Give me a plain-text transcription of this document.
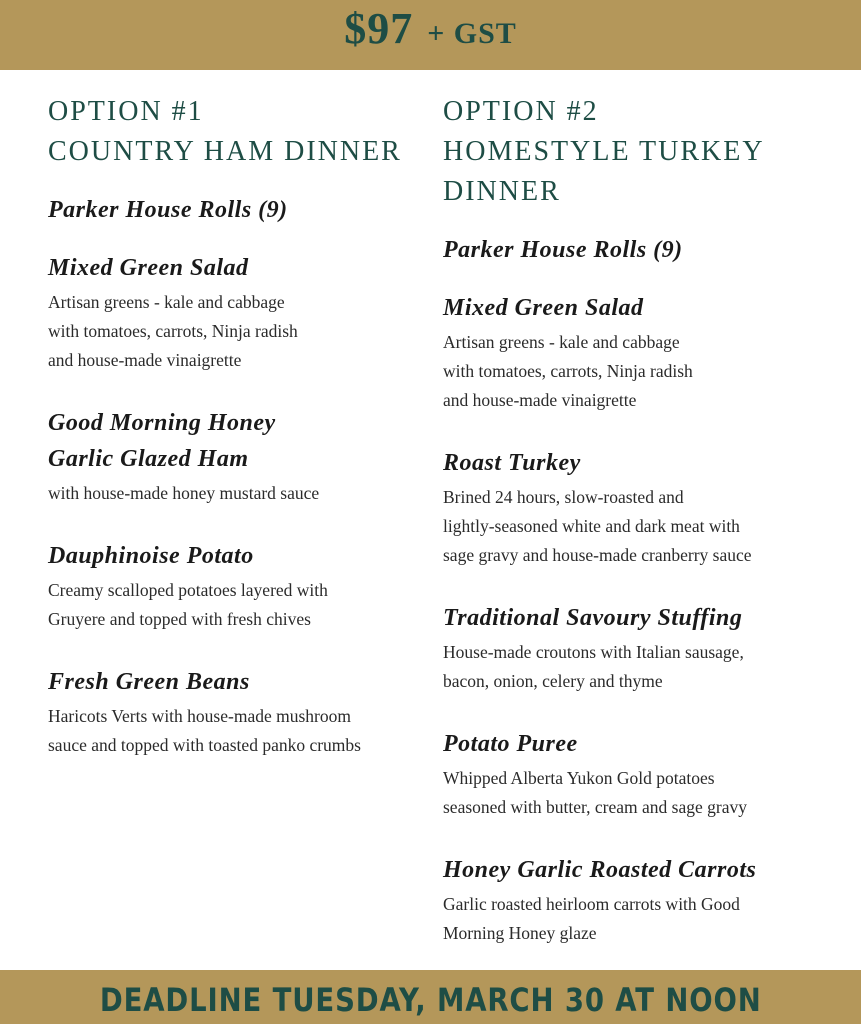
$97 + GST
OPTION #1
COUNTRY HAM DINNER
Parker House Rolls (9)
Mixed Green Salad

Artisan greens - kale and cabbage
with tomatoes, carrots, Ninja radish
and house-made vinaigrette

Good Morning Honey
Garlic Glazed Ham

with house-made honey mustard sauce

Dauphinoise Potato

Creamy scalloped potatoes layered with
Gruyere and topped with fresh chives

Fresh Green Beans

Haricots Verts with house-made mushroom
sauce and topped with toasted panko crumbs

OPTION #2
HOMESTYLE TURKEY
DINNER
Parker House Rolls (9)
Mixed Green Salad

Artisan greens - kale and cabbage
with tomatoes, carrots, Ninja radish
and house-made vinaigrette

Roast Turkey

Brined 24 hours, slow-roasted and
lightly-seasoned white and dark meat with
sage gravy and house-made cranberry sauce

Traditional Savoury Stuffing

House-made croutons with Italian sausage,
bacon, onion, celery and thyme

Potato Puree

Whipped Alberta Yukon Gold potatoes
seasoned with butter, cream and sage gravy

Honey Garlic Roasted Carrots

Garlic roasted heirloom carrots with Good
Morning Honey glaze

DEADLINE TUESDAY, MARCH 30 AT NOON
